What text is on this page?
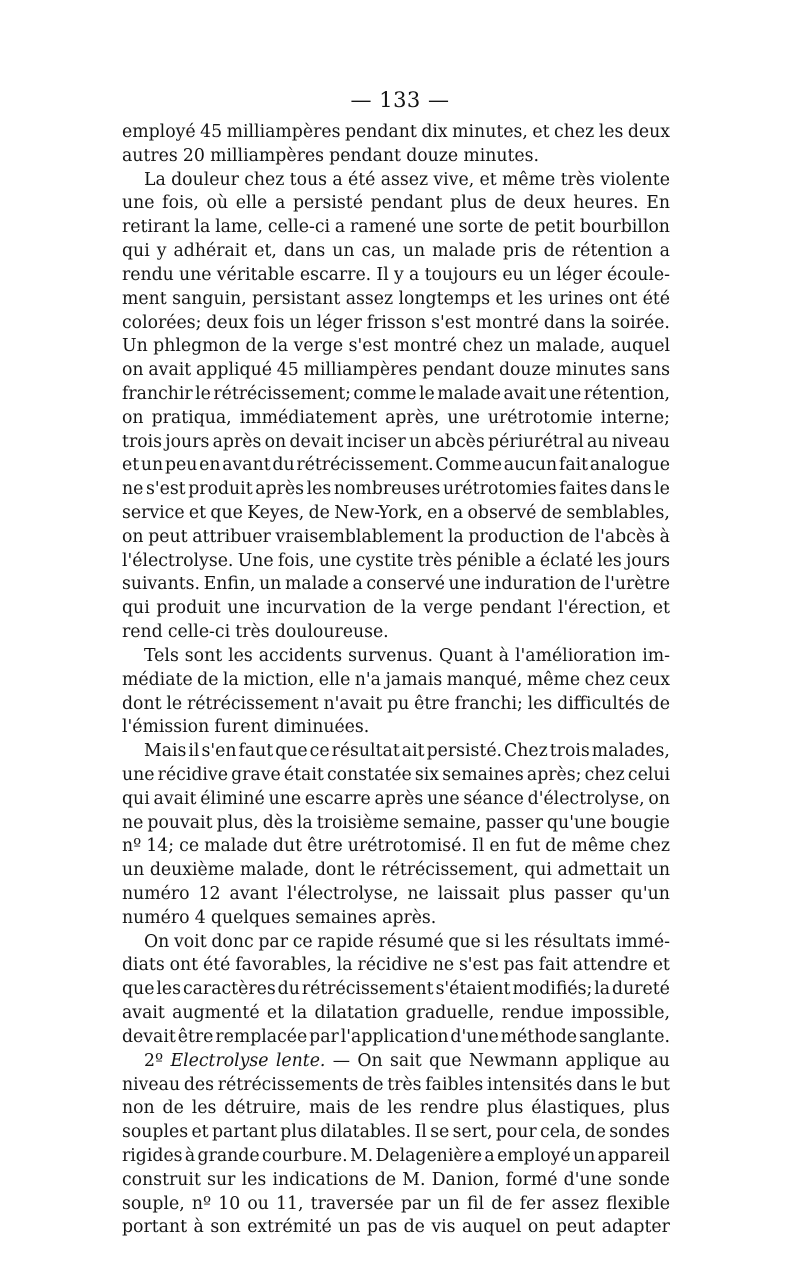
— 133 —
employé 45 milliampères pendant dix minutes, et chez les deux
autres 20 milliampères pendant douze minutes.
La douleur chez tous a été assez vive, et même très violente
une fois, où elle a persisté pendant plus de deux heures. En
retirant la lame, celle-ci a ramené une sorte de petit bourbillon
qui y adhérait et, dans un cas, un malade pris de rétention a
rendu une véritable escarre. Il y a toujours eu un léger écoule-
ment sanguin, persistant assez longtemps et les urines ont été
colorées; deux fois un léger frisson s'est montré dans la soirée.
Un phlegmon de la verge s'est montré chez un malade, auquel
on avait appliqué 45 milliampères pendant douze minutes sans
franchir le rétrécissement; comme le malade avait une rétention,
on pratiqua, immédiatement après, une urétrotomie interne;
trois jours après on devait inciser un abcès périurétral au niveau
et un peu en avant du rétrécissement. Comme aucun fait analogue
ne s'est produit après les nombreuses urétrotomies faites dans le
service et que Keyes, de New-York, en a observé de semblables,
on peut attribuer vraisemblablement la production de l'abcès à
l'électrolyse. Une fois, une cystite très pénible a éclaté les jours
suivants. Enfin, un malade a conservé une induration de l'urètre
qui produit une incurvation de la verge pendant l'érection, et
rend celle-ci très douloureuse.
Tels sont les accidents survenus. Quant à l'amélioration im-
médiate de la miction, elle n'a jamais manqué, même chez ceux
dont le rétrécissement n'avait pu être franchi; les difficultés de
l'émission furent diminuées.
Mais il s'en faut que ce résultat ait persisté. Chez trois malades,
une récidive grave était constatée six semaines après; chez celui
qui avait éliminé une escarre après une séance d'électrolyse, on
ne pouvait plus, dès la troisième semaine, passer qu'une bougie
nº 14; ce malade dut être urétrotomisé. Il en fut de même chez
un deuxième malade, dont le rétrécissement, qui admettait un
numéro 12 avant l'électrolyse, ne laissait plus passer qu'un
numéro 4 quelques semaines après.
On voit donc par ce rapide résumé que si les résultats immé-
diats ont été favorables, la récidive ne s'est pas fait attendre et
que les caractères du rétrécissement s'étaient modifiés; la dureté
avait augmenté et la dilatation graduelle, rendue impossible,
devait être remplacée par l'application d'une méthode sanglante.
2º Electrolyse lente. — On sait que Newmann applique au
niveau des rétrécissements de très faibles intensités dans le but
non de les détruire, mais de les rendre plus élastiques, plus
souples et partant plus dilatables. Il se sert, pour cela, de sondes
rigides à grande courbure. M. Delagenière a employé un appareil
construit sur les indications de M. Danion, formé d'une sonde
souple, nº 10 ou 11, traversée par un fil de fer assez flexible
portant à son extrémité un pas de vis auquel on peut adapter
